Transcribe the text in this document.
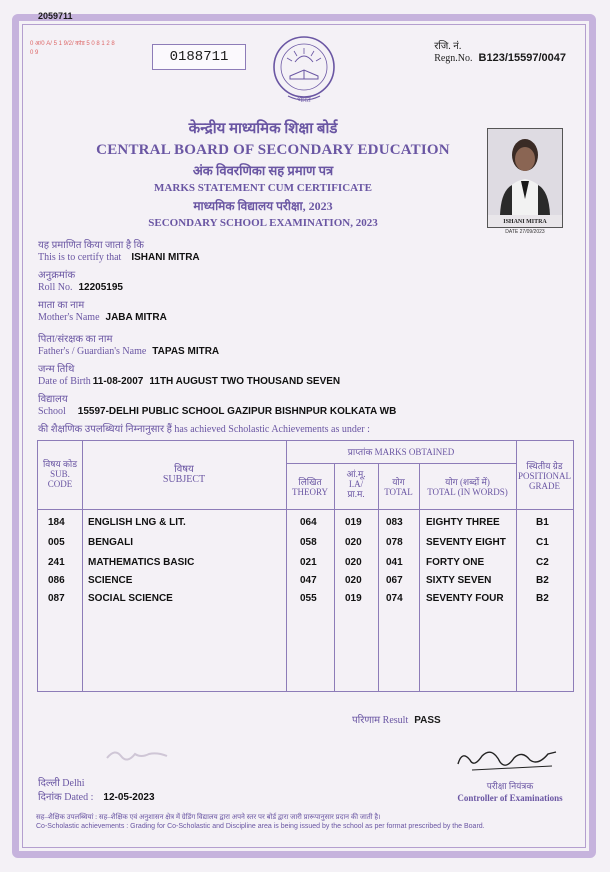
2059711
0 अ/0 A/ 5 1 9/2/ कोड 5 0 8 1 2 8 0 9	0188711
भारत
रजि. नं.
Regn.No. B123/15597/0047
केन्द्रीय माध्यमिक शिक्षा बोर्ड
CENTRAL BOARD OF SECONDARY EDUCATION
अंक विवरणिका सह प्रमाण पत्र
MARKS STATEMENT CUM CERTIFICATE
माध्यमिक विद्यालय परीक्षा, 2023
SECONDARY SCHOOL EXAMINATION, 2023	ISHANI MITRA
DATE 27/09/2023
यह प्रमाणित किया जाता है कि
This is to certify that ISHANI MITRA
अनुक्रमांक
Roll No. 12205195
माता का नाम
Mother's Name JABA MITRA
पिता/संरक्षक का नाम
Father's / Guardian's Name TAPAS MITRA
जन्म तिथि
Date of Birth 11-08-2007 11TH AUGUST TWO THOUSAND SEVEN
विद्यालय
School 15597-DELHI PUBLIC SCHOOL GAZIPUR BISHNPUR KOLKATA WB
की शैक्षणिक उपलब्धियां निम्नानुसार हैं has achieved Scholastic Achievements as under :
विषय कोड
SUB. CODE
विषय
SUBJECT
प्राप्तांक MARKS OBTAINED
लिखित
THEORY
आं.मू.
I.A/
प्रा.म.
योग
TOTAL
योग (शब्दों में)
TOTAL (IN WORDS)
स्थितीय ग्रेड
POSITIONAL
GRADE
184 ENGLISH LNG & LIT.	064	019 083 EIGHTY THREE	B1
005 BENGALI	058	020 078 SEVENTY EIGHT	C1
241 MATHEMATICS BASIC	021	020 041 FORTY ONE	C2
086 SCIENCE	047	020 067 SIXTY SEVEN	B2
087 SOCIAL SCIENCE	055	019 074 SEVENTY FOUR	B2
परिणाम Result PASS
दिल्ली Delhi
दिनांक Dated : 12-05-2023
परीक्षा नियंत्रक
Controller of Examinations
सह–शैक्षिक उपलब्धियां : सह–शैक्षिक एवं अनुशासन क्षेत्र में ग्रेडिंग विद्यालय द्वारा अपने स्तर पर बोर्ड द्वारा जारी प्रारूपानुसार प्रदान की जाती है।
Co-Scholastic achievements : Grading for Co-Scholastic and Discipline area is being issued by the school as per format prescribed by the Board.
